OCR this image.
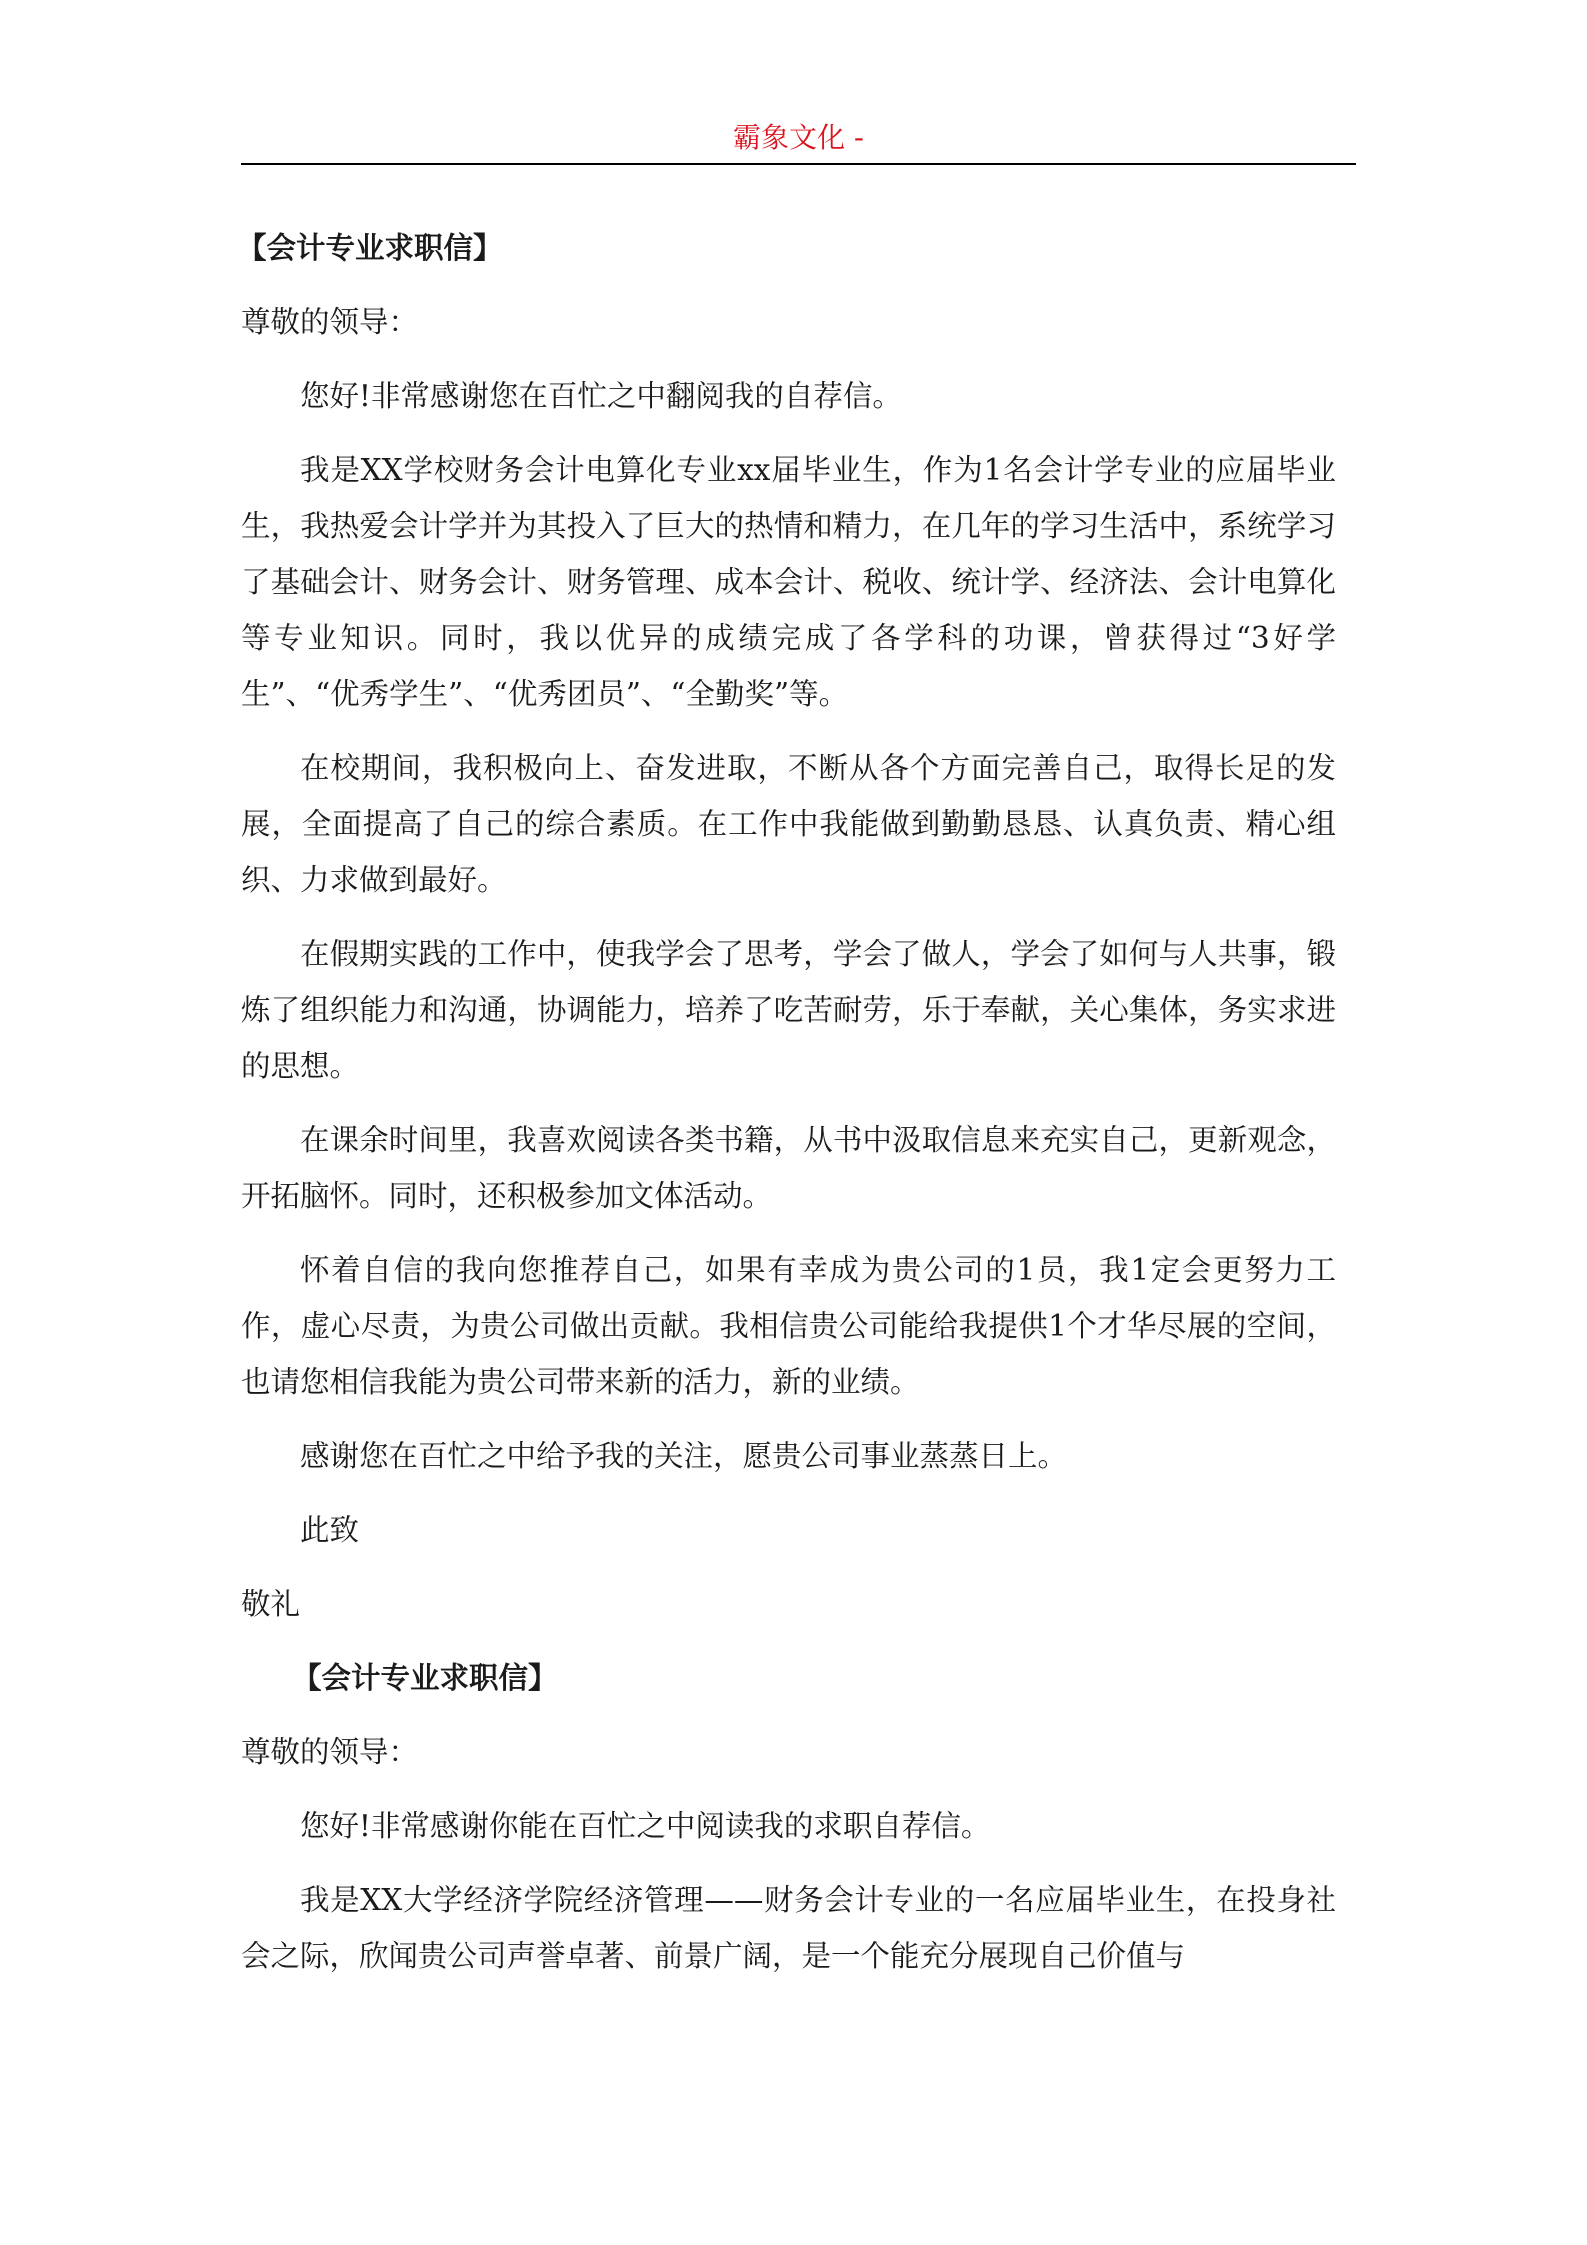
霸象文化 -

【会计专业求职信】

尊敬的领导：

您好!非常感谢您在百忙之中翻阅我的自荐信。

我是XX学校财务会计电算化专业xx届毕业生，作为1名会计学专业的应届毕业生，我热爱会计学并为其投入了巨大的热情和精力，在几年的学习生活中，系统学习了基础会计、财务会计、财务管理、成本会计、税收、统计学、经济法、会计电算化等专业知识。同时，我以优异的成绩完成了各学科的功课，曾获得过“3好学生”、“优秀学生”、“优秀团员”、“全勤奖”等。

在校期间，我积极向上、奋发进取，不断从各个方面完善自己，取得长足的发展，全面提高了自己的综合素质。在工作中我能做到勤勤恳恳、认真负责、精心组织、力求做到最好。

在假期实践的工作中，使我学会了思考，学会了做人，学会了如何与人共事，锻炼了组织能力和沟通，协调能力，培养了吃苦耐劳，乐于奉献，关心集体，务实求进的思想。

在课余时间里，我喜欢阅读各类书籍，从书中汲取信息来充实自己，更新观念，开拓脑怀。同时，还积极参加文体活动。

怀着自信的我向您推荐自己，如果有幸成为贵公司的1员，我1定会更努力工作，虚心尽责，为贵公司做出贡献。我相信贵公司能给我提供1个才华尽展的空间，也请您相信我能为贵公司带来新的活力，新的业绩。

感谢您在百忙之中给予我的关注，愿贵公司事业蒸蒸日上。

此致

敬礼

【会计专业求职信】

尊敬的领导：

您好!非常感谢你能在百忙之中阅读我的求职自荐信。

我是XX大学经济学院经济管理——财务会计专业的一名应届毕业生，在投身社会之际，欣闻贵公司声誉卓著、前景广阔，是一个能充分展现自己价值与
